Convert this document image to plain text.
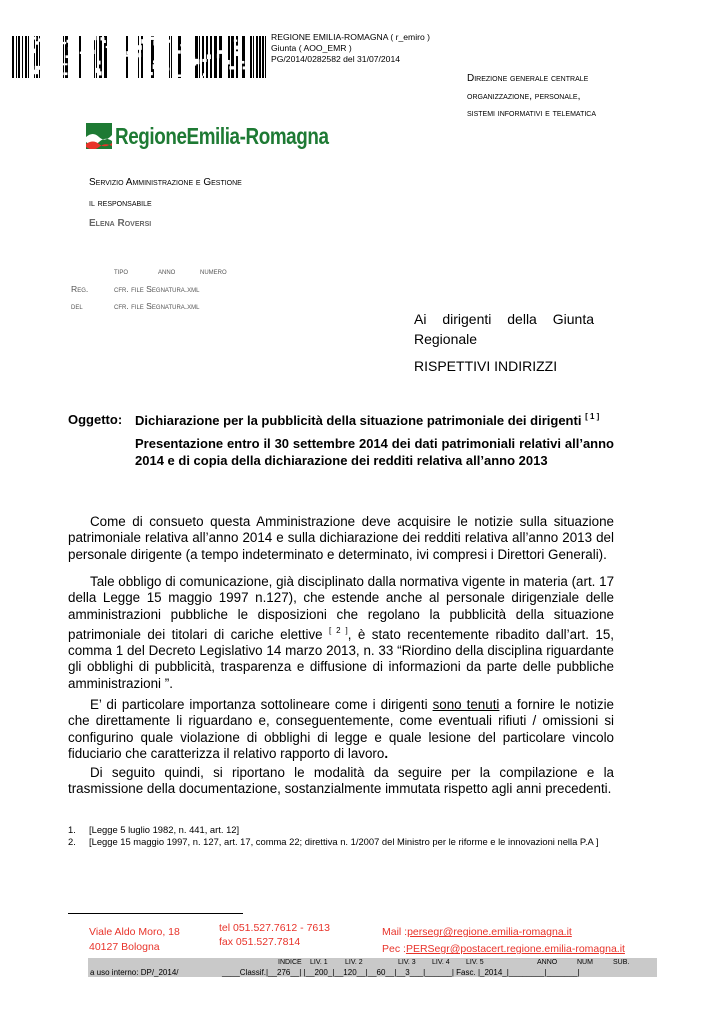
REGIONE EMILIA-ROMAGNA ( r_emiro )
Giunta ( AOO_EMR )
PG/2014/0282582 del 31/07/2014
Direzione generale centrale
organizzazione, personale,
sistemi informativi e telematica
RegioneEmilia-Romagna
Servizio Amministrazione e Gestione
il responsabile
Elena Roversi
tipo	anno	numero
Reg.	cfr. file Segnatura.xml
del	cfr. file Segnatura.xml
Ai dirigenti della Giunta
Regionale
RISPETTIVI INDIRIZZI
Oggetto: Dichiarazione per la pubblicità della situazione patrimoniale dei dirigenti [ 1 ]
Presentazione entro il 30 settembre 2014 dei dati patrimoniali relativi all’anno 2014 e di copia della dichiarazione dei redditi relativa all’anno 2013

Come di consueto questa Amministrazione deve acquisire le notizie sulla situazione patrimoniale relativa all’anno 2014 e sulla dichiarazione dei redditi relativa all’anno 2013 del personale dirigente (a tempo indeterminato e determinato, ivi compresi i Direttori Generali).

Tale obbligo di comunicazione, già disciplinato dalla normativa vigente in materia (art. 17 della Legge 15 maggio 1997 n.127), che estende anche al personale dirigenziale delle amministrazioni pubbliche le disposizioni che regolano la pubblicità della situazione patrimoniale dei titolari di cariche elettive [ 2 ], è stato recentemente ribadito dall’art. 15, comma 1 del Decreto Legislativo 14 marzo 2013, n. 33 “Riordino della disciplina riguardante gli obblighi di pubblicità, trasparenza e diffusione di informazioni da parte delle pubbliche amministrazioni ”.

E’ di particolare importanza sottolineare come i dirigenti sono tenuti a fornire le notizie che direttamente li riguardano e, conseguentemente, come eventuali rifiuti / omissioni si configurino quale violazione di obblighi di legge e quale lesione del particolare vincolo fiduciario che caratterizza il relativo rapporto di lavoro.

Di seguito quindi, si riportano le modalità da seguire per la compilazione e la trasmissione della documentazione, sostanzialmente immutata rispetto agli anni precedenti.

1. [Legge 5 luglio 1982, n. 441, art. 12]
2.	[Legge 15 maggio 1997, n. 127, art. 17, comma 22; direttiva n. 1/2007 del Ministro per le riforme e le innovazioni nella P.A ]
Viale Aldo Moro, 18
40127 Bologna
tel 051.527.7612 - 7613
fax 051.527.7814
Mail :persegr@regione.emilia-romagna.it
Pec :PERSegr@postacert.regione.emilia-romagna.it
INDICE LIV. 1 LIV. 2	LIV. 3 LIV. 4 LIV. 5	ANNO	NUM	SUB.
a uso interno: DP/_2014/	____Classif.|__276__| |__200_|__120__|__60__|__3___|______| Fasc. |_2014_|________|_______|
